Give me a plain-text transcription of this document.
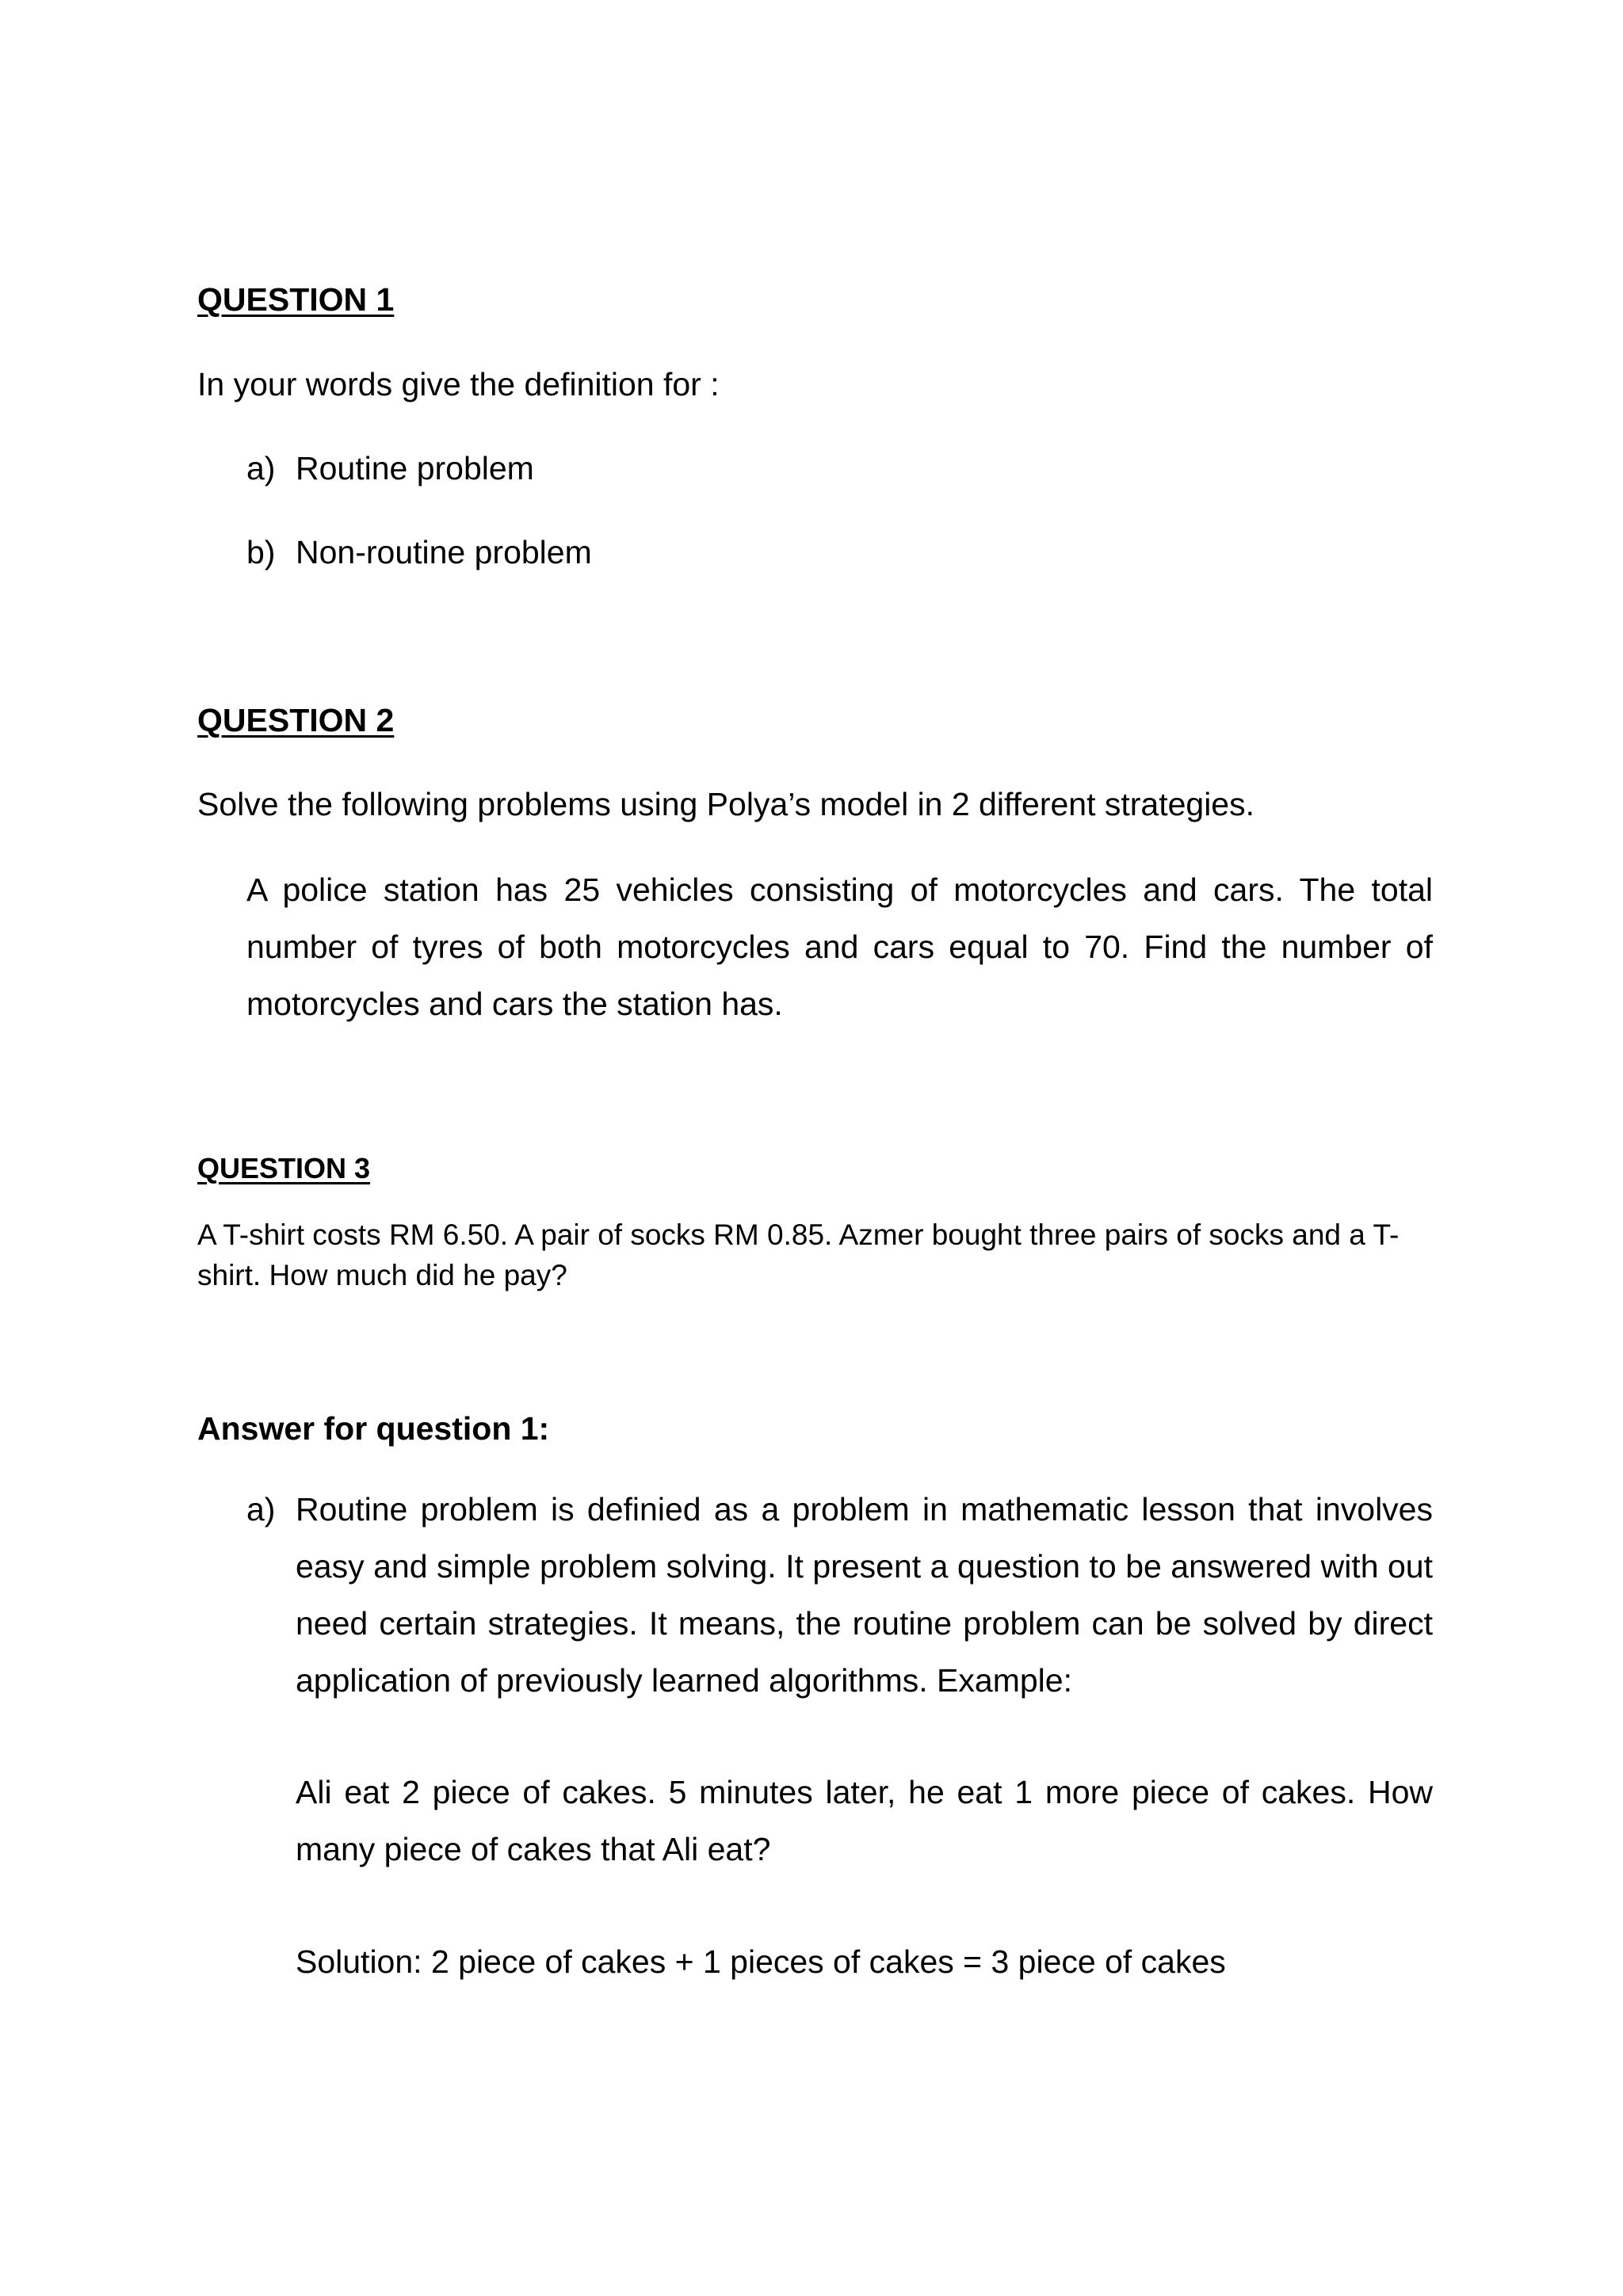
QUESTION 1

In your words give the definition for :

a) Routine problem
b) Non-routine problem
QUESTION 2

Solve the following problems using Polya’s model in 2 different strategies.

A police station has 25 vehicles consisting of motorcycles and cars. The total number of tyres of both motorcycles and cars equal to 70. Find the number of motorcycles and cars the station has.

QUESTION 3

A T-shirt costs RM 6.50. A pair of socks RM 0.85. Azmer bought three pairs of socks and a T-shirt. How much did he pay?

Answer for question 1:
a) Routine problem is definied as a problem in mathematic lesson that involves easy and simple problem solving. It present a question to be answered with out need certain strategies. It means, the routine problem can be solved by direct application of previously learned algorithms. Example:

Ali eat 2 piece of cakes. 5 minutes later, he eat 1 more piece of cakes. How many piece of cakes that Ali eat?

Solution: 2 piece of cakes + 1 pieces of cakes = 3 piece of cakes
